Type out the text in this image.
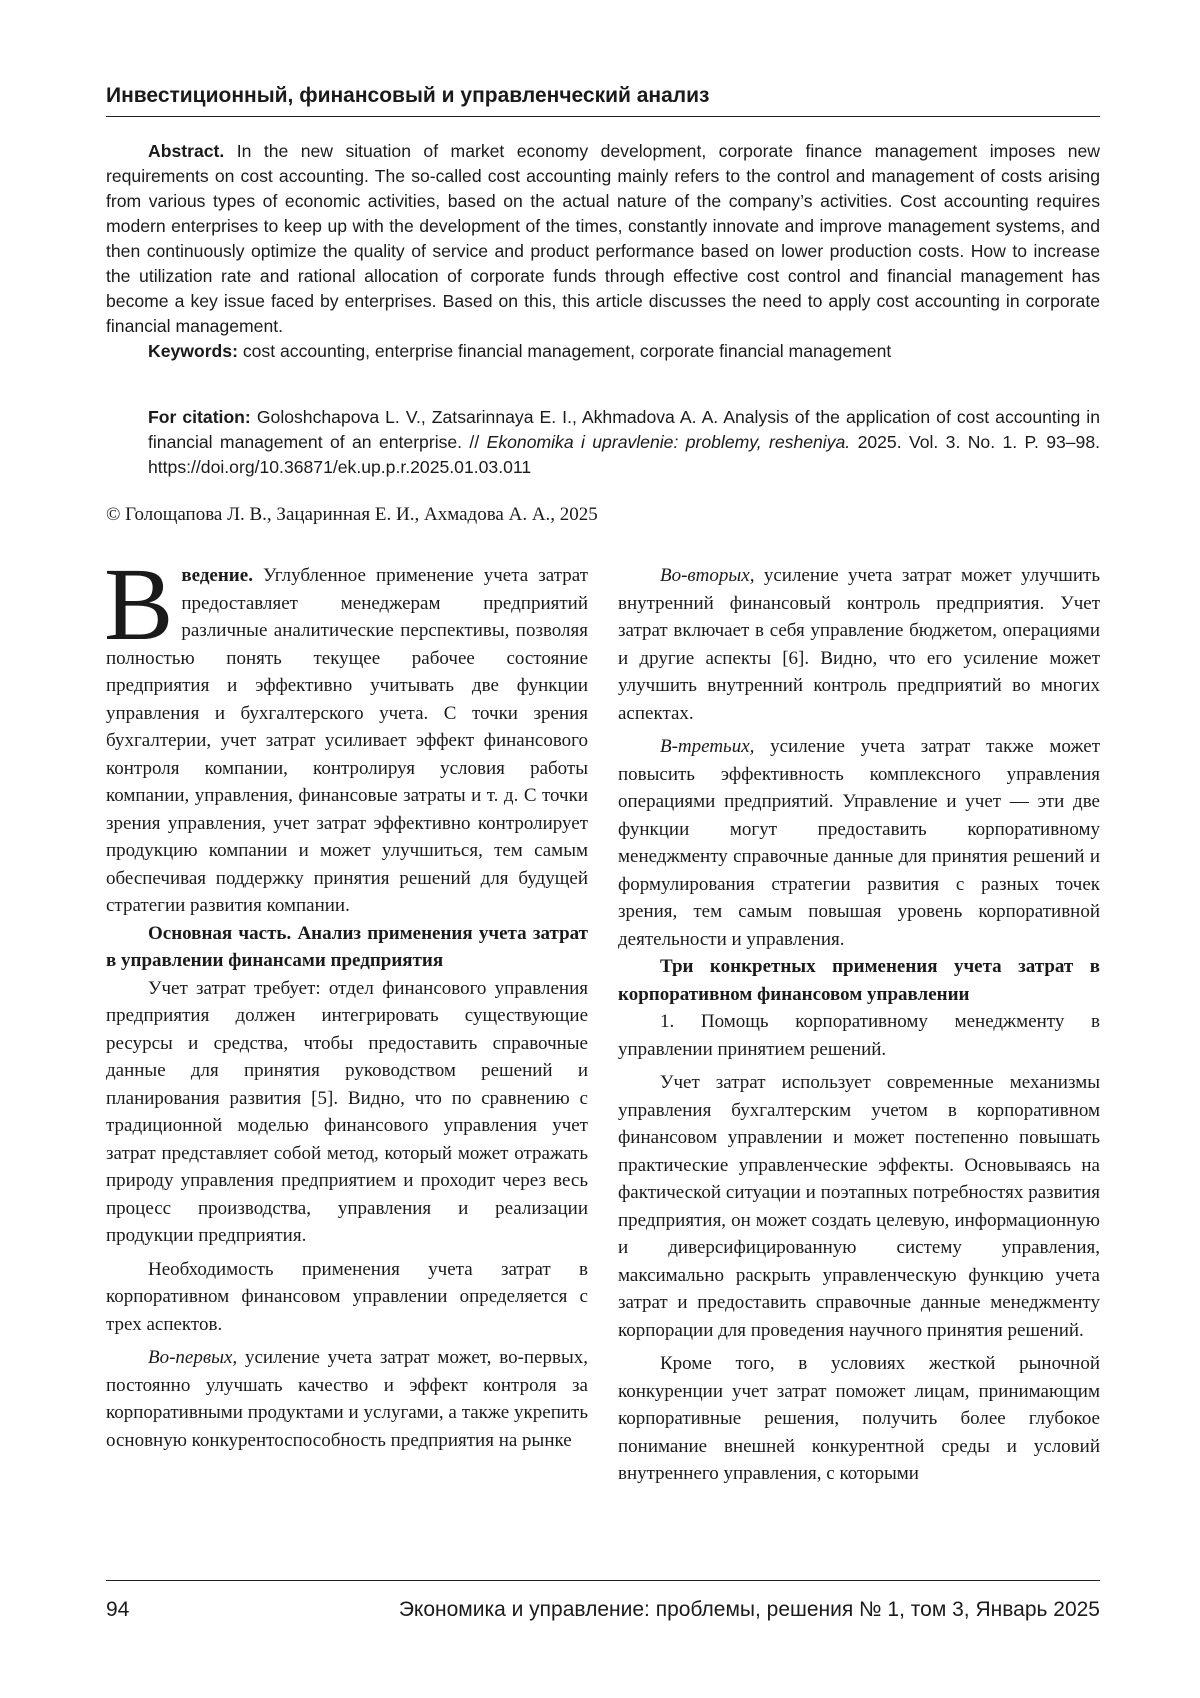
Инвестиционный, финансовый и управленческий анализ

Abstract. In the new situation of market economy development, corporate finance management imposes new requirements on cost accounting. The so-called cost accounting mainly refers to the control and management of costs arising from various types of economic activities, based on the actual nature of the company’s activities. Cost accounting requires modern enterprises to keep up with the development of the times, constantly innovate and improve management systems, and then continuously optimize the quality of service and product performance based on lower production costs. How to increase the utilization rate and rational allocation of corporate funds through effective cost control and financial management has become a key issue faced by enterprises. Based on this, this article discusses the need to apply cost accounting in corporate financial management.

Keywords: cost accounting, enterprise financial management, corporate financial management

For citation: Goloshchapova L. V., Zatsarinnaya E. I., Akhmadova A. A. Analysis of the application of cost accounting in financial management of an enterprise. // Ekonomika i upravlenie: problemy, resheniya. 2025. Vol. 3. No. 1. P. 93–98. https://doi.org/10.36871/ek.up.p.r.2025.01.03.011
© Голощапова Л. В., Зацаринная Е. И., Ахмадова А. А., 2025

Введение. Углубленное применение учета затрат предоставляет менеджерам предприятий различные аналитические перспективы, позволяя полностью понять текущее рабочее состояние предприятия и эффективно учитывать две функции управления и бухгалтерского учета. С точки зрения бухгалтерии, учет затрат усиливает эффект финансового контроля компании, контролируя условия работы компании, управления, финансовые затраты и т. д. С точки зрения управления, учет затрат эффективно контролирует продукцию компании и может улучшиться, тем самым обеспечивая поддержку принятия решений для будущей стратегии развития компании.

Основная часть. Анализ применения учета затрат в управлении финансами предприятия

Учет затрат требует: отдел финансового управления предприятия должен интегрировать существующие ресурсы и средства, чтобы предоставить справочные данные для принятия руководством решений и планирования развития [5]. Видно, что по сравнению с традиционной моделью финансового управления учет затрат представляет собой метод, который может отражать природу управления предприятием и проходит через весь процесс производства, управления и реализации продукции предприятия.

Необходимость применения учета затрат в корпоративном финансовом управлении определяется с трех аспектов.

Во-первых, усиление учета затрат может, во-первых, постоянно улучшать качество и эффект контроля за корпоративными продуктами и услугами, а также укрепить основную конкурентоспособность предприятия на рынке

Во-вторых, усиление учета затрат может улучшить внутренний финансовый контроль предприятия. Учет затрат включает в себя управление бюджетом, операциями и другие аспекты [6]. Видно, что его усиление может улучшить внутренний контроль предприятий во многих аспектах.

В-третьих, усиление учета затрат также может повысить эффективность комплексного управления операциями предприятий. Управление и учет — эти две функции могут предоставить корпоративному менеджменту справочные данные для принятия решений и формулирования стратегии развития с разных точек зрения, тем самым повышая уровень корпоративной деятельности и управления.

Три конкретных применения учета затрат в корпоративном финансовом управлении

1. Помощь корпоративному менеджменту в управлении принятием решений.

Учет затрат использует современные механизмы управления бухгалтерским учетом в корпоративном финансовом управлении и может постепенно повышать практические управленческие эффекты. Основываясь на фактической ситуации и поэтапных потребностях развития предприятия, он может создать целевую, информационную и диверсифицированную систему управления, максимально раскрыть управленческую функцию учета затрат и предоставить справочные данные менеджменту корпорации для проведения научного принятия решений.

Кроме того, в условиях жесткой рыночной конкуренции учет затрат поможет лицам, принимающим корпоративные решения, получить более глубокое понимание внешней конкурентной среды и условий внутреннего управления, с которыми

94	Экономика и управление: проблемы, решения № 1, том 3, Январь 2025
